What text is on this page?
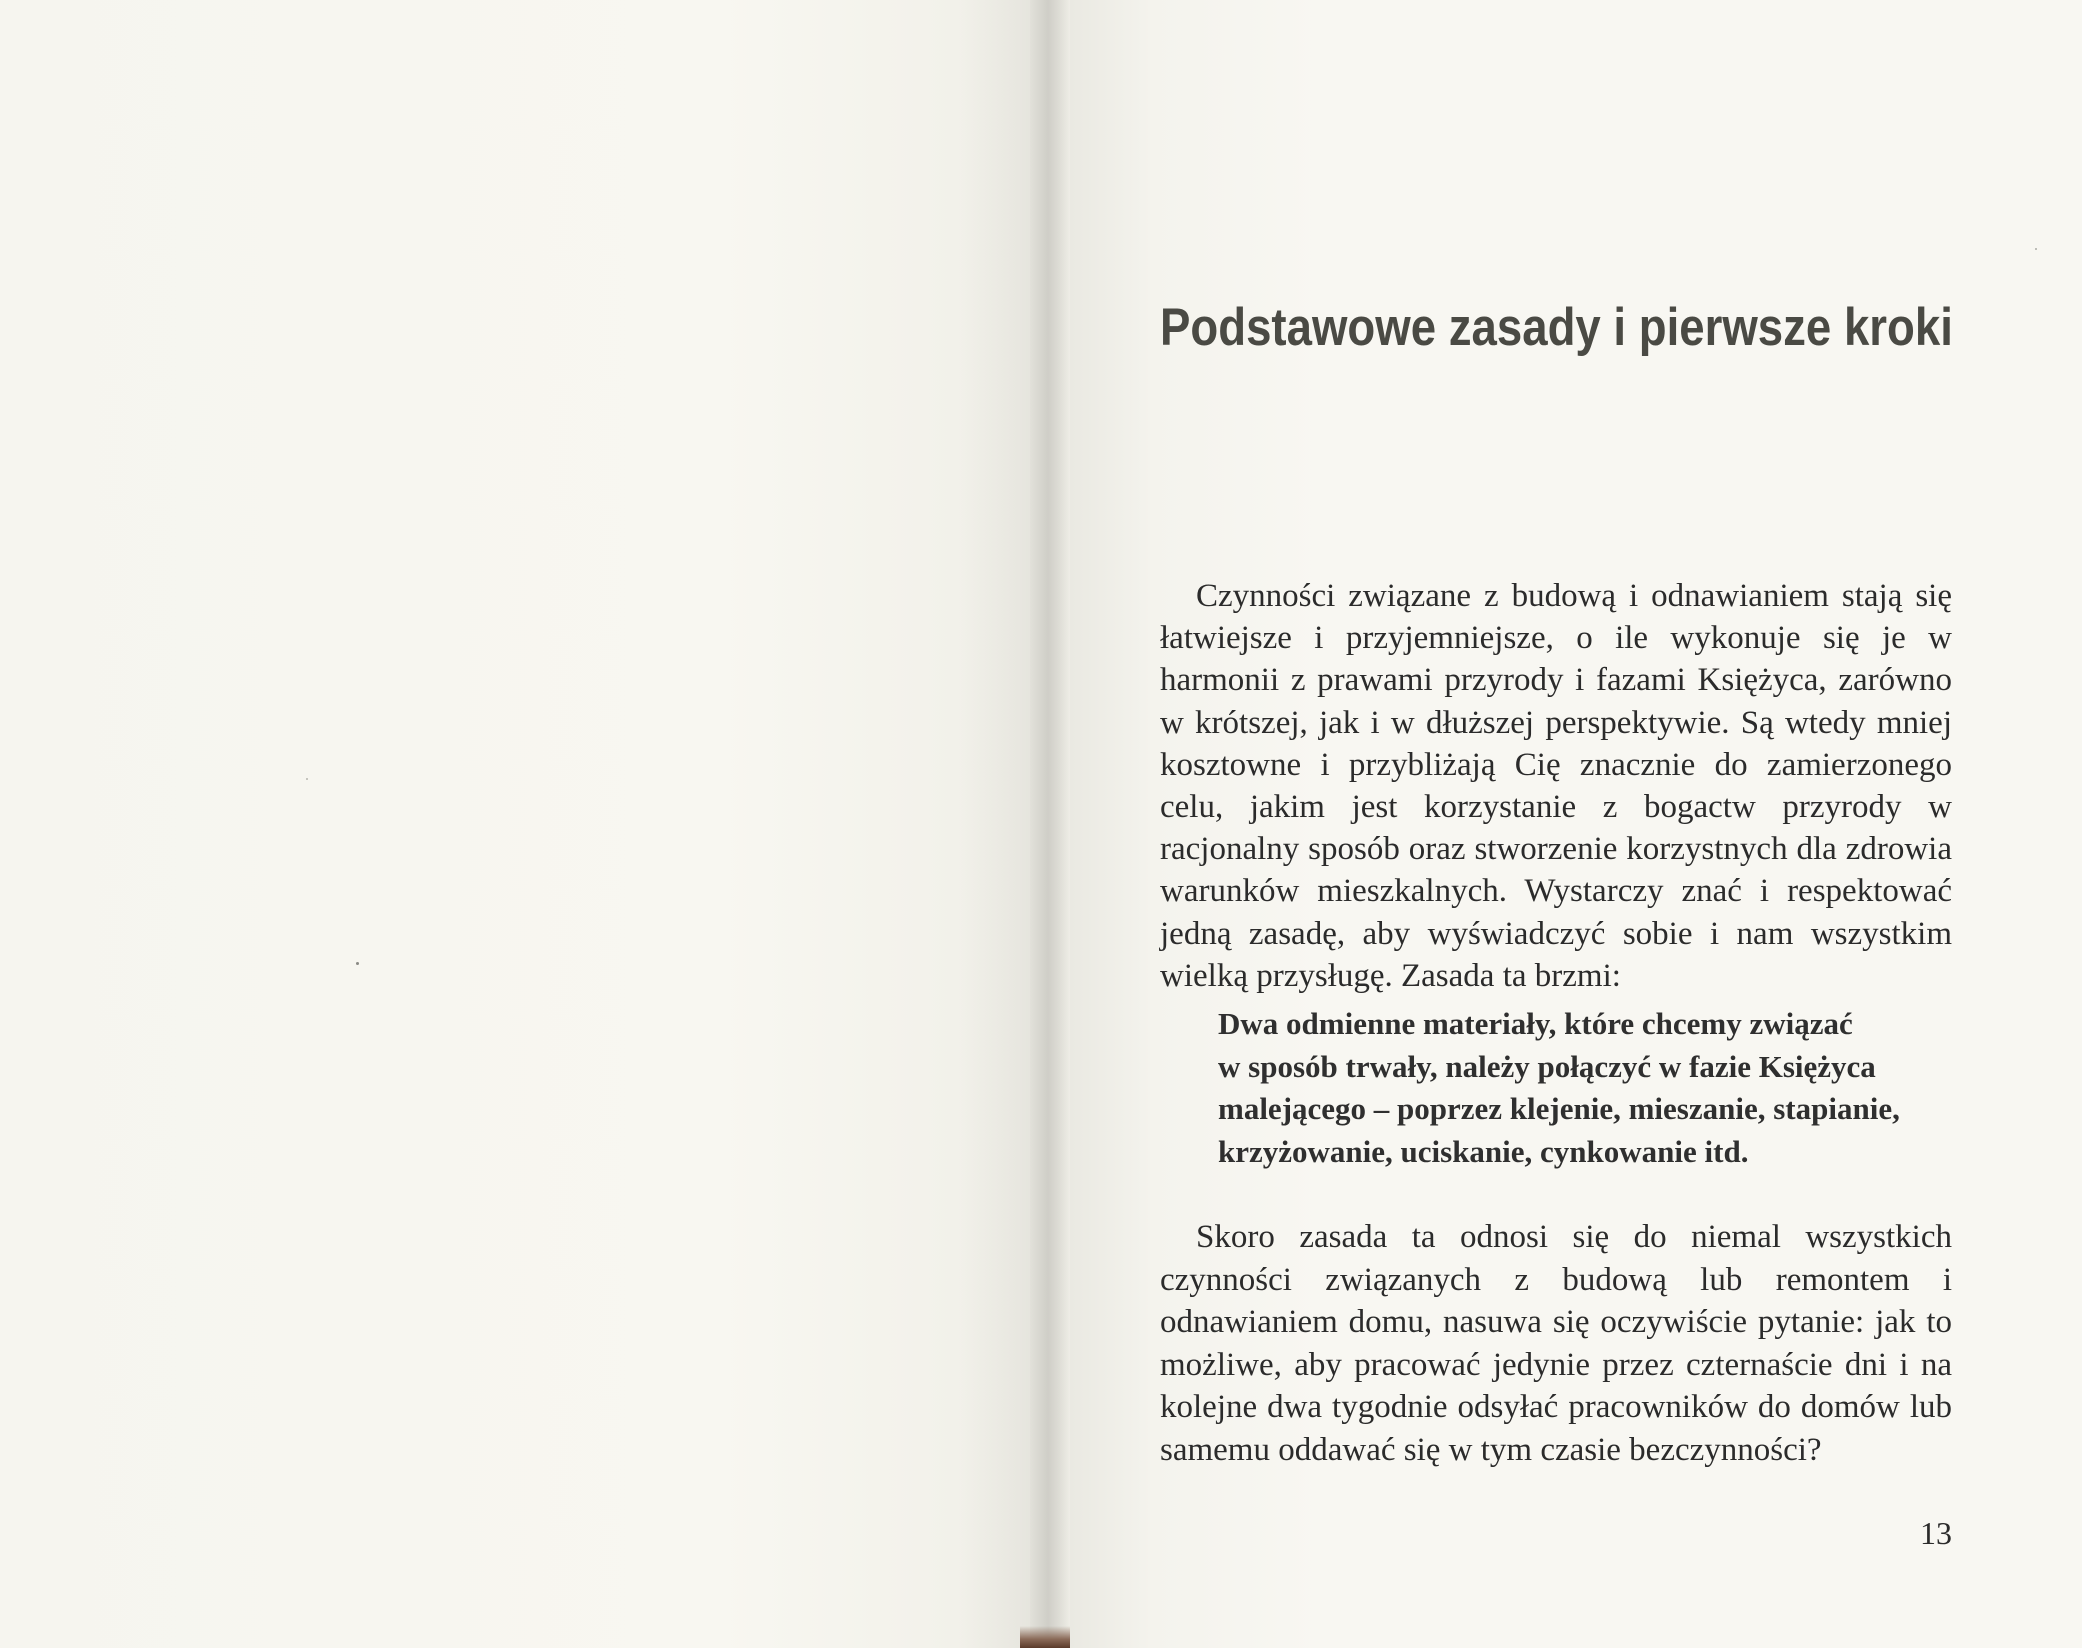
Podstawowe zasady i pierwsze kroki

Czynności związane z budową i odnawianiem stają się łatwiejsze i przyjemniejsze, o ile wykonuje się je w harmonii z prawami przyrody i fazami Księżyca, zarówno w krótszej, jak i w dłuższej perspektywie. Są wtedy mniej kosztowne i przybliżają Cię znacznie do zamierzonego celu, jakim jest korzystanie z bogactw przyrody w racjonalny sposób oraz stworzenie korzystnych dla zdrowia warunków mieszkalnych. Wystarczy znać i respektować jedną zasadę, aby wyświadczyć sobie i nam wszystkim wielką przysługę. Zasada ta brzmi:

Dwa odmienne materiały, które chcemy związać
w sposób trwały, należy połączyć w fazie Księżyca
malejącego – poprzez klejenie, mieszanie, stapianie,
krzyżowanie, uciskanie, cynkowanie itd.

Skoro zasada ta odnosi się do niemal wszystkich czynności związanych z budową lub remontem i odnawianiem domu, nasuwa się oczywiście pytanie: jak to możliwe, aby pracować jedynie przez czternaście dni i na kolejne dwa tygodnie odsyłać pracowników do domów lub samemu oddawać się w tym czasie bezczynności?

13
